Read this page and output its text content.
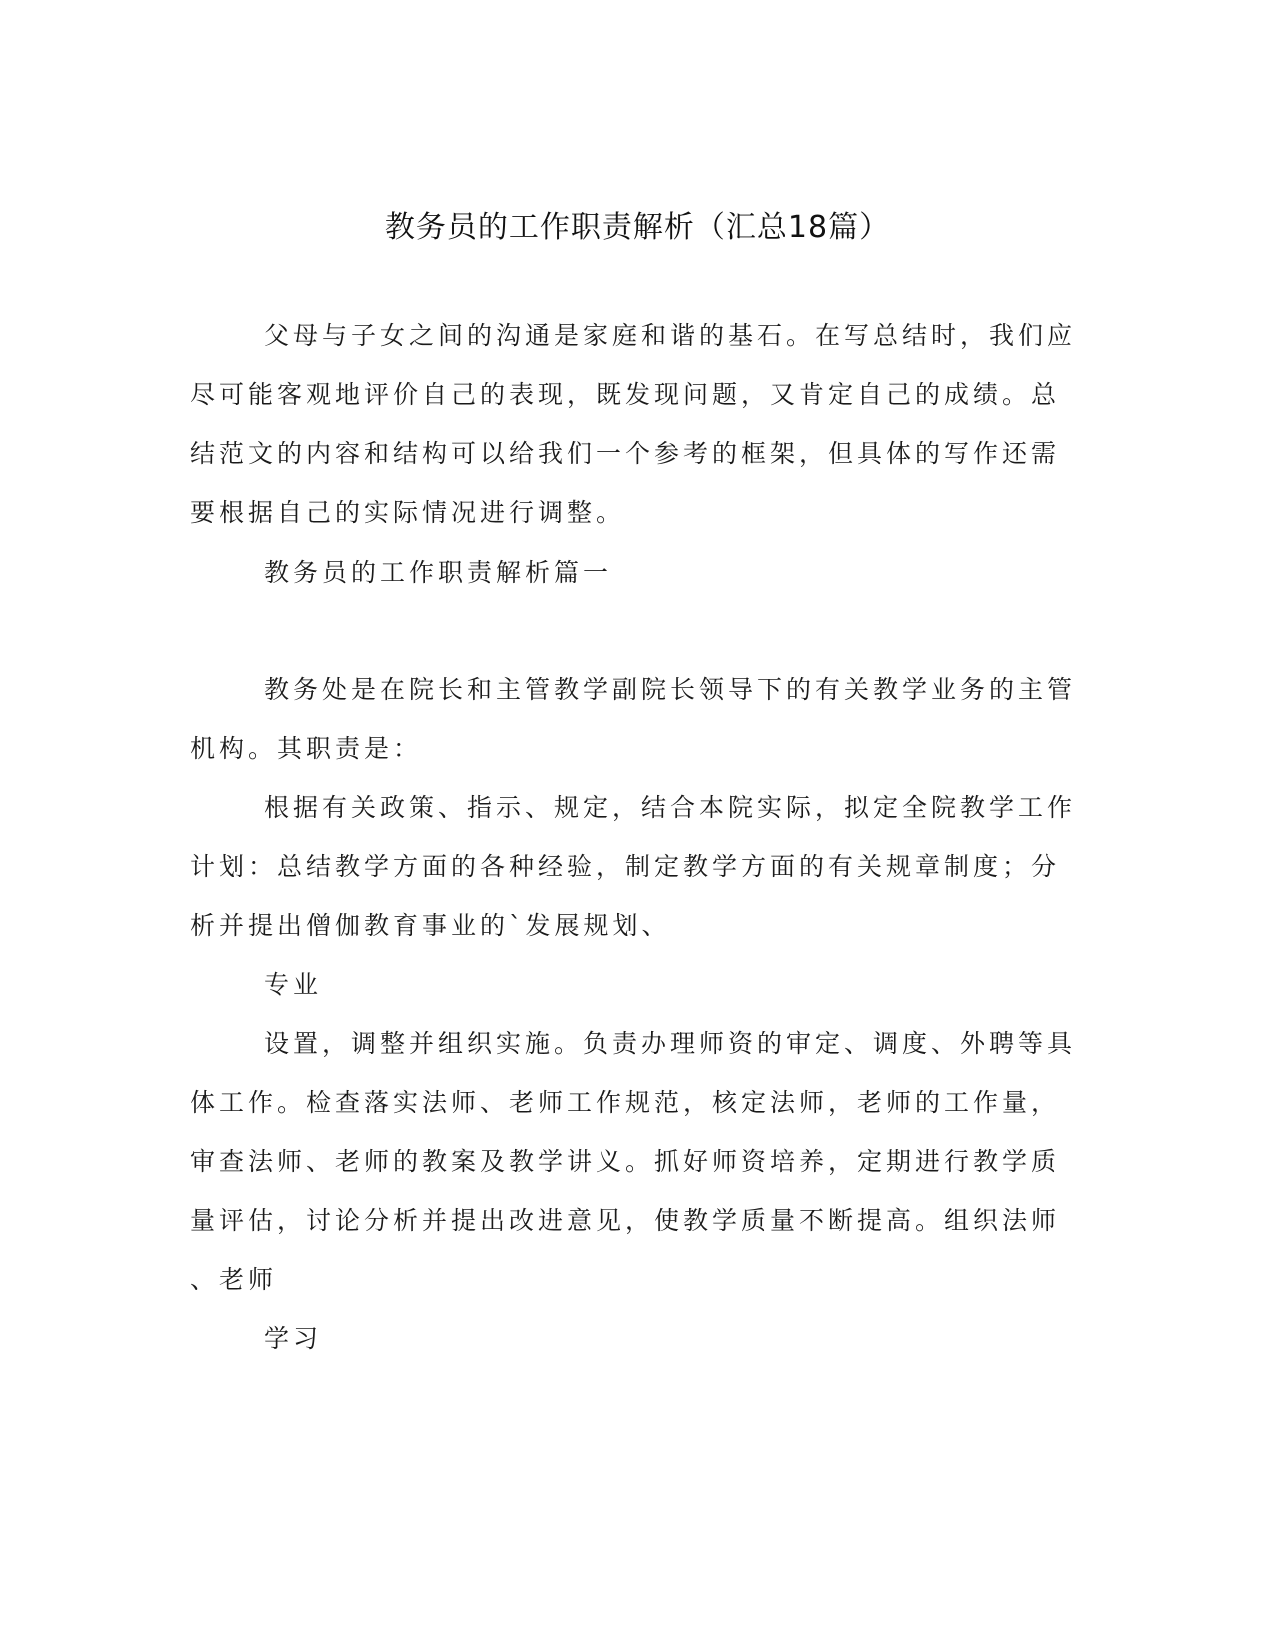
教务员的工作职责解析（汇总18篇）
父母与子女之间的沟通是家庭和谐的基石。在写总结时，我们应
尽可能客观地评价自己的表现，既发现问题，又肯定自己的成绩。总
结范文的内容和结构可以给我们一个参考的框架，但具体的写作还需
要根据自己的实际情况进行调整。
教务员的工作职责解析篇一
教务处是在院长和主管教学副院长领导下的有关教学业务的主管
机构。其职责是：
根据有关政策、指示、规定，结合本院实际，拟定全院教学工作
计划：总结教学方面的各种经验，制定教学方面的有关规章制度；分
析并提出僧伽教育事业的`发展规划、
专业
设置，调整并组织实施。负责办理师资的审定、调度、外聘等具
体工作。检查落实法师、老师工作规范，核定法师，老师的工作量，
审查法师、老师的教案及教学讲义。抓好师资培养，定期进行教学质
量评估，讨论分析并提出改进意见，使教学质量不断提高。组织法师
、老师
学习
